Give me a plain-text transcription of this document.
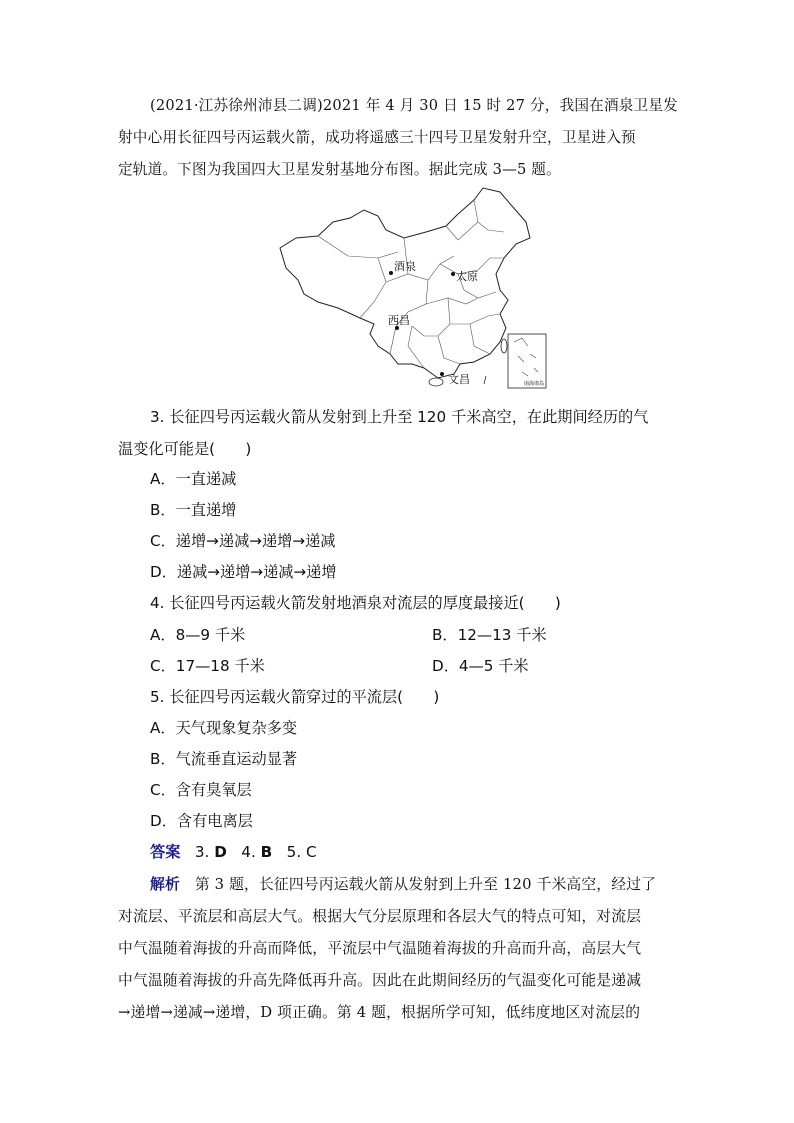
(2021·江苏徐州沛县二调)2021 年 4 月 30 日 15 时 27 分，我国在酒泉卫星发
射中心用长征四号丙运载火箭，成功将遥感三十四号卫星发射升空，卫星进入预
定轨道。下图为我国四大卫星发射基地分布图。据此完成 3—5 题。
南海诸岛
酒泉
太原
西昌
文昌
3. 长征四号丙运载火箭从发射到上升至 120 千米高空，在此期间经历的气
温变化可能是(　　)
A．一直递减
B．一直递增
C．递增→递减→递增→递减
D．递减→递增→递减→递增
4. 长征四号丙运载火箭发射地酒泉对流层的厚度最接近(　　)
A．8—9 千米	B．12—13 千米
C．17—18 千米	D．4—5 千米
5. 长征四号丙运载火箭穿过的平流层(　　)
A．天气现象复杂多变
B．气流垂直运动显著
C．含有臭氧层
D．含有电离层
答案 3. D 4. B 5. C
解析　第 3 题，长征四号丙运载火箭从发射到上升至 120 千米高空，经过了
对流层、平流层和高层大气。根据大气分层原理和各层大气的特点可知，对流层
中气温随着海拔的升高而降低，平流层中气温随着海拔的升高而升高，高层大气
中气温随着海拔的升高先降低再升高。因此在此期间经历的气温变化可能是递减
→递增→递减→递增，D 项正确。第 4 题，根据所学可知，低纬度地区对流层的
